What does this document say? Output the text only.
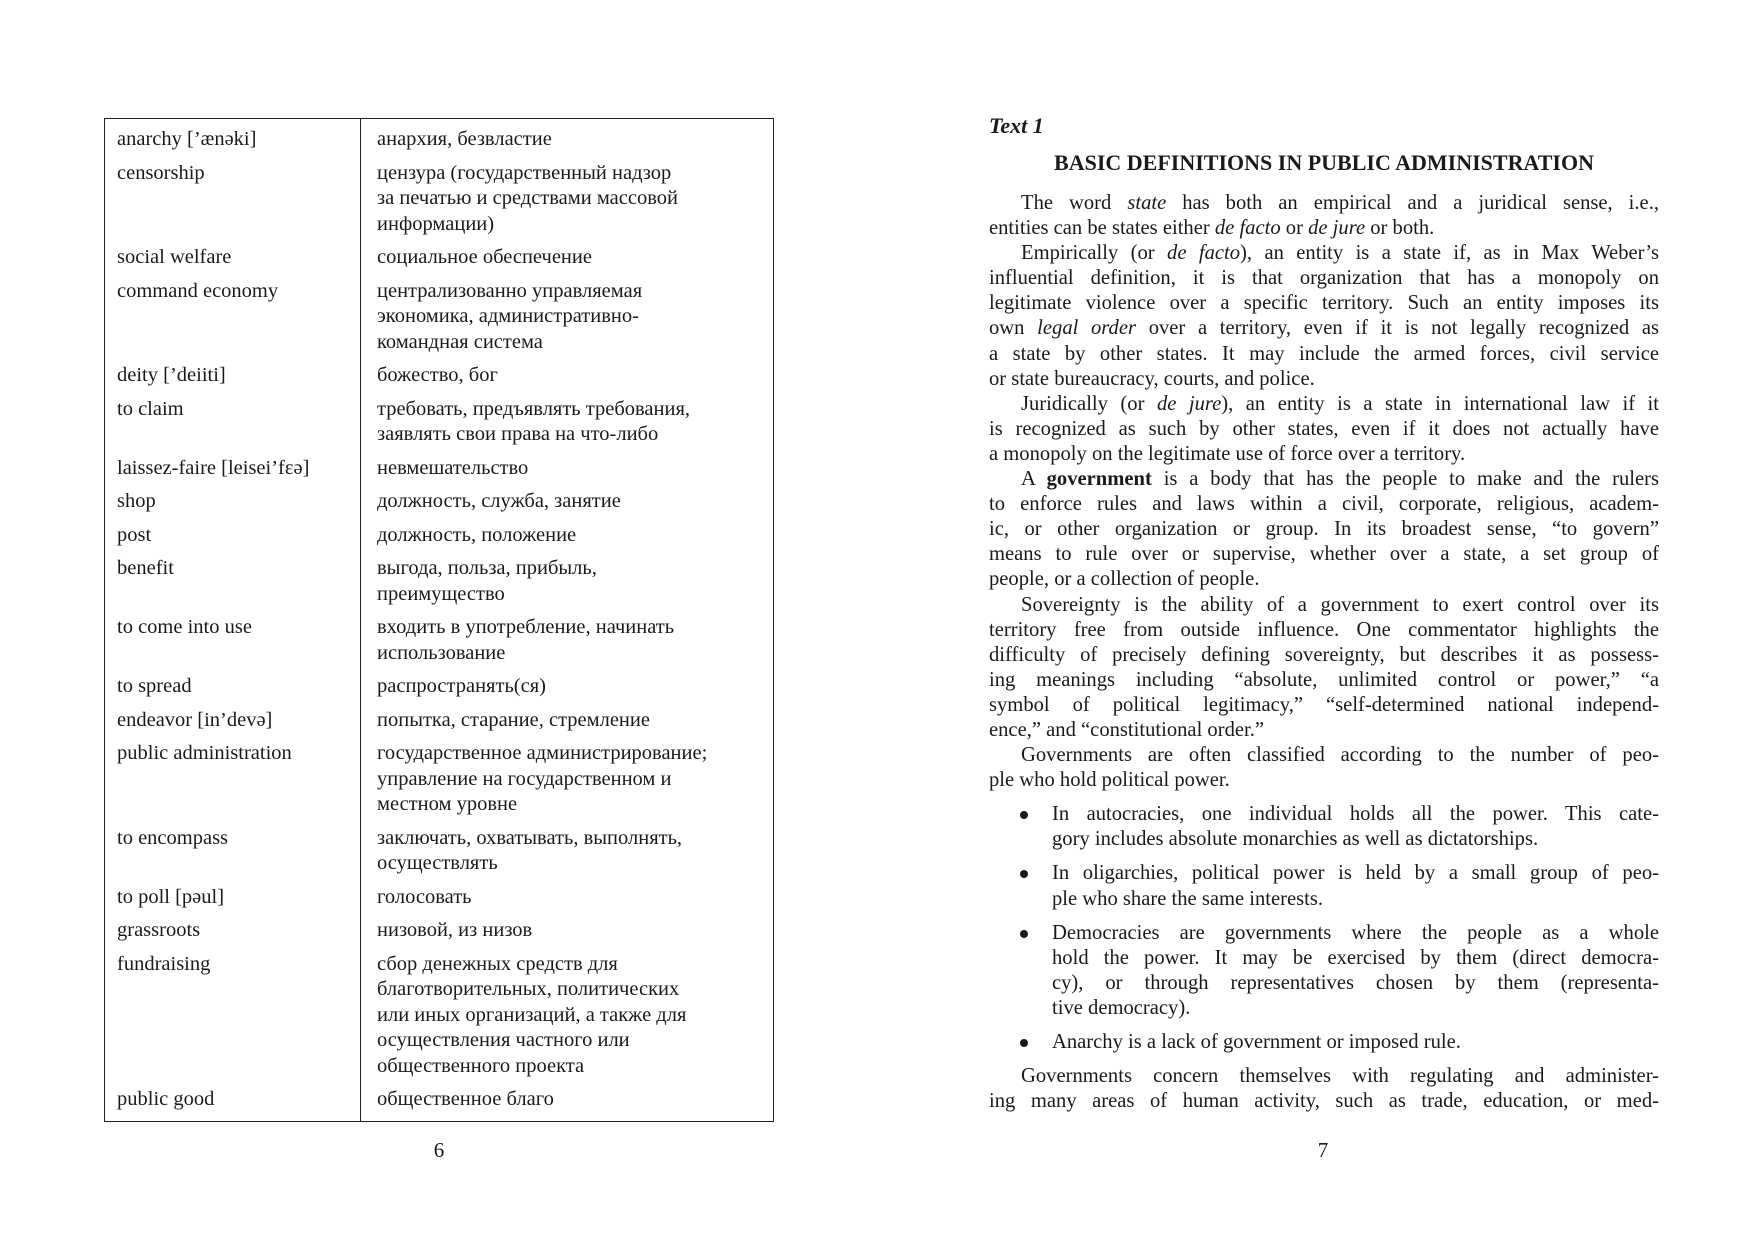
anarchy [’ænəki]	анархия, безвластие
censorship	цензура (государственный надзор
за печатью и средствами массовой
информации)
social welfare	социальное обеспечение
command economy	централизованно управляемая
экономика, административно-
командная система
deity [’deiiti]	божество, бог
to claim	требовать, предъявлять требования,
заявлять свои права на что-либо
laissez-faire [leisei’fɛə]	невмешательство
shop	должность, служба, занятие
post	должность, положение
benefit	выгода, польза, прибыль,
преимущество
to come into use	входить в употребление, начинать
использование
to spread	распространять(ся)
endeavor [in’devə]	попытка, старание, стремление
public administration	государственное администрирование;
управление на государственном и
местном уровне
to encompass	заключать, охватывать, выполнять,
осуществлять
to poll [pəul]	голосовать
grassroots	низовой, из низов
fundraising	сбор денежных средств для
благотворительных, политических
или иных организаций, а также для
осуществления частного или
общественного проекта
public good	общественное благо
6
Text 1
BASIC DEFINITIONS IN PUBLIC ADMINISTRATION
The word state has both an empirical and a juridical sense, i.e.,
entities can be states either de facto or de jure or both.
Empirically (or de facto), an entity is a state if, as in Max Weber’s
influential definition, it is that organization that has a monopoly on
legitimate violence over a specific territory. Such an entity imposes its
own legal order over a territory, even if it is not legally recognized as
a state by other states. It may include the armed forces, civil service
or state bureaucracy, courts, and police.
Juridically (or de jure), an entity is a state in international law if it
is recognized as such by other states, even if it does not actually have
a monopoly on the legitimate use of force over a territory.
A government is a body that has the people to make and the rulers
to enforce rules and laws within a civil, corporate, religious, academ-
ic, or other organization or group. In its broadest sense, “to govern”
means to rule over or supervise, whether over a state, a set group of
people, or a collection of people.
Sovereignty is the ability of a government to exert control over its
territory free from outside influence. One commentator highlights the
difficulty of precisely defining sovereignty, but describes it as possess-
ing meanings including “absolute, unlimited control or power,” “a
symbol of political legitimacy,” “self-determined national independ-
ence,” and “constitutional order.”
Governments are often classified according to the number of peo-
ple who hold political power.
In autocracies, one individual holds all the power. This cate-
gory includes absolute monarchies as well as dictatorships.
In oligarchies, political power is held by a small group of peo-
ple who share the same interests.
Democracies are governments where the people as a whole
hold the power. It may be exercised by them (direct democra-
cy), or through representatives chosen by them (representa-
tive democracy).
Anarchy is a lack of government or imposed rule.
Governments concern themselves with regulating and administer-
ing many areas of human activity, such as trade, education, or med-
7
